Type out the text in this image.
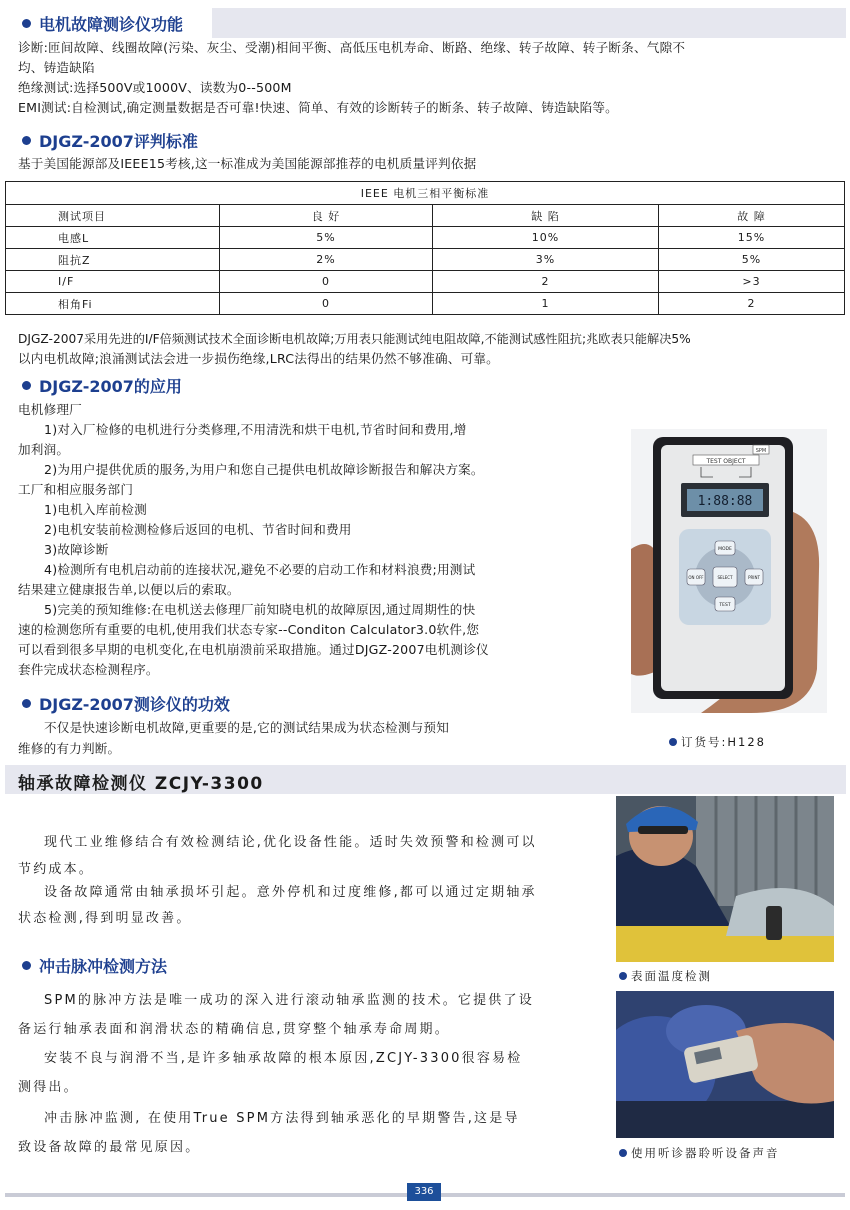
电机故障测诊仪功能
诊断:匝间故障、线圈故障(污染、灰尘、受潮)相间平衡、高低压电机寿命、断路、绝缘、转子故障、转子断条、气隙不
均、铸造缺陷
绝缘测试:选择500V或1000V、读数为0--500M
EMI测试:自检测试,确定测量数据是否可靠!快速、简单、有效的诊断转子的断条、转子故障、铸造缺陷等。
DJGZ-2007评判标准
基于美国能源部及IEEE15考核,这一标准成为美国能源部推荐的电机质量评判依据
IEEE 电机三相平衡标准			
测试项目	良 好	缺 陷	故 障
电感L	5%	10%	15%
阻抗Z	2%	3%	5%
I/F	0	2	>3
相角Fi	0	1	2
DJGZ-2007采用先进的I/F倍频测试技术全面诊断电机故障;万用表只能测试纯电阻故障,不能测试感性阻抗;兆欧表只能解决5%
以内电机故障;浪涌测试法会进一步损伤绝缘,LRC法得出的结果仍然不够准确、可靠。
DJGZ-2007的应用
电机修理厂
1)对入厂检修的电机进行分类修理,不用清洗和烘干电机,节省时间和费用,增
加利润。
2)为用户提供优质的服务,为用户和您自己提供电机故障诊断报告和解决方案。
工厂和相应服务部门
1)电机入库前检测
2)电机安装前检测检修后返回的电机、节省时间和费用
3)故障诊断
4)检测所有电机启动前的连接状况,避免不必要的启动工作和材料浪费;用测试
结果建立健康报告单,以便以后的索取。
5)完美的预知维修:在电机送去修理厂前知晓电机的故障原因,通过周期性的快
速的检测您所有重要的电机,使用我们状态专家--Conditon Calculator3.0软件,您
可以看到很多早期的电机变化,在电机崩溃前采取措施。通过DJGZ-2007电机测诊仪
套件完成状态检测程序。
DJGZ-2007测诊仪的功效
不仅是快速诊断电机故障,更重要的是,它的测试结果成为状态检测与预知
维修的有力判断。
TEST OBJECT
SPM
1:88:88
MODE
ON OFF	SELECT	PRINT
TEST
订货号:H128
轴承故障检测仪 ZCJY-3300
现代工业维修结合有效检测结论,优化设备性能。适时失效预警和检测可以
节约成本。
设备故障通常由轴承损坏引起。意外停机和过度维修,都可以通过定期轴承
状态检测,得到明显改善。
冲击脉冲检测方法
SPM的脉冲方法是唯一成功的深入进行滚动轴承监测的技术。它提供了设
备运行轴承表面和润滑状态的精确信息,贯穿整个轴承寿命周期。
安装不良与润滑不当,是许多轴承故障的根本原因,ZCJY-3300很容易检
测得出。
冲击脉冲监测, 在使用True SPM方法得到轴承恶化的早期警告,这是导
致设备故障的最常见原因。
表面温度检测
使用听诊器聆听设备声音
336
